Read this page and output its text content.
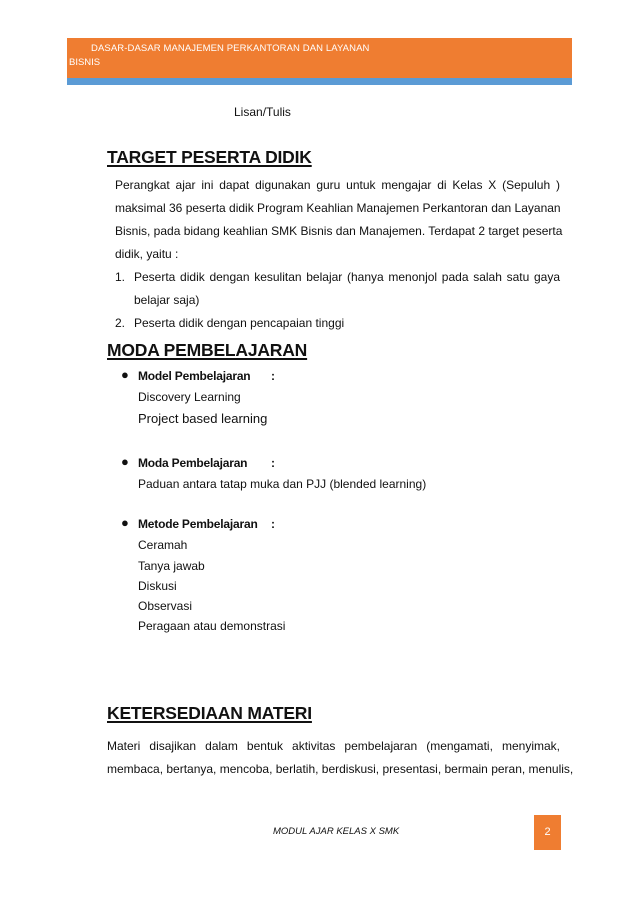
DASAR-DASAR MANAJEMEN PERKANTORAN DAN LAYANAN
BISNIS
Lisan/Tulis
TARGET PESERTA DIDIK
Perangkat ajar ini dapat digunakan guru untuk mengajar di Kelas X (Sepuluh )
maksimal 36 peserta didik Program Keahlian Manajemen Perkantoran dan Layanan
Bisnis, pada bidang keahlian SMK Bisnis dan Manajemen. Terdapat 2 target peserta
didik, yaitu :
1. Peserta didik dengan kesulitan belajar (hanya menonjol pada salah satu gaya
belajar saja)
2. Peserta didik dengan pencapaian tinggi
MODA PEMBELAJARAN
● Model Pembelajaran :
Discovery Learning
Project based learning
● Moda Pembelajaran :
Paduan antara tatap muka dan PJJ (blended learning)
● Metode Pembelajaran :
Ceramah
Tanya jawab
Diskusi
Observasi
Peragaan atau demonstrasi
KETERSEDIAAN MATERI
Materi disajikan dalam bentuk aktivitas pembelajaran (mengamati, menyimak,
membaca, bertanya, mencoba, berlatih, berdiskusi, presentasi, bermain peran, menulis,
MODUL AJAR KELAS X SMK	2
